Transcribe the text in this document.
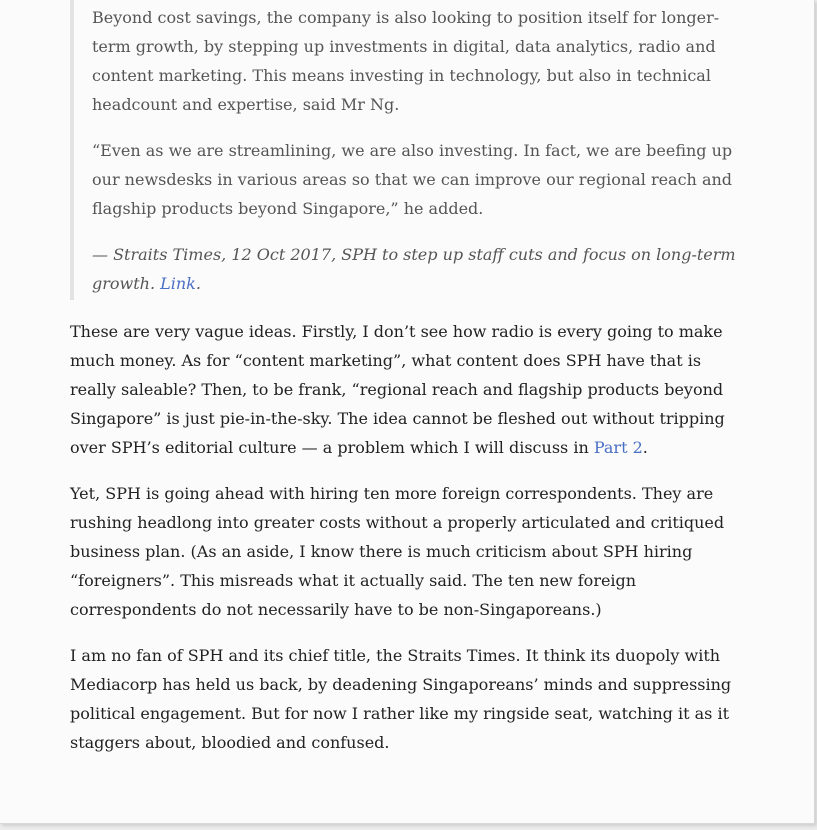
Beyond cost savings, the company is also looking to position itself for longer-term growth, by stepping up investments in digital, data analytics, radio and content marketing. This means investing in technology, but also in technical headcount and expertise, said Mr Ng.

“Even as we are streamlining, we are also investing. In fact, we are beefing up our newsdesks in various areas so that we can improve our regional reach and flagship products beyond Singapore,” he added.

— Straits Times, 12 Oct 2017, SPH to step up staff cuts and focus on long-term growth. Link.

These are very vague ideas. Firstly, I don’t see how radio is every going to make much money. As for “content marketing”, what content does SPH have that is really saleable? Then, to be frank, “regional reach and flagship products beyond Singapore” is just pie-in-the-sky. The idea cannot be fleshed out without tripping over SPH’s editorial culture — a problem which I will discuss in Part 2.

Yet, SPH is going ahead with hiring ten more foreign correspondents. They are rushing headlong into greater costs without a properly articulated and critiqued business plan. (As an aside, I know there is much criticism about SPH hiring “foreigners”. This misreads what it actually said. The ten new foreign correspondents do not necessarily have to be non-Singaporeans.)

I am no fan of SPH and its chief title, the Straits Times. It think its duopoly with Mediacorp has held us back, by deadening Singaporeans’ minds and suppressing political engagement. But for now I rather like my ringside seat, watching it as it staggers about, bloodied and confused.
